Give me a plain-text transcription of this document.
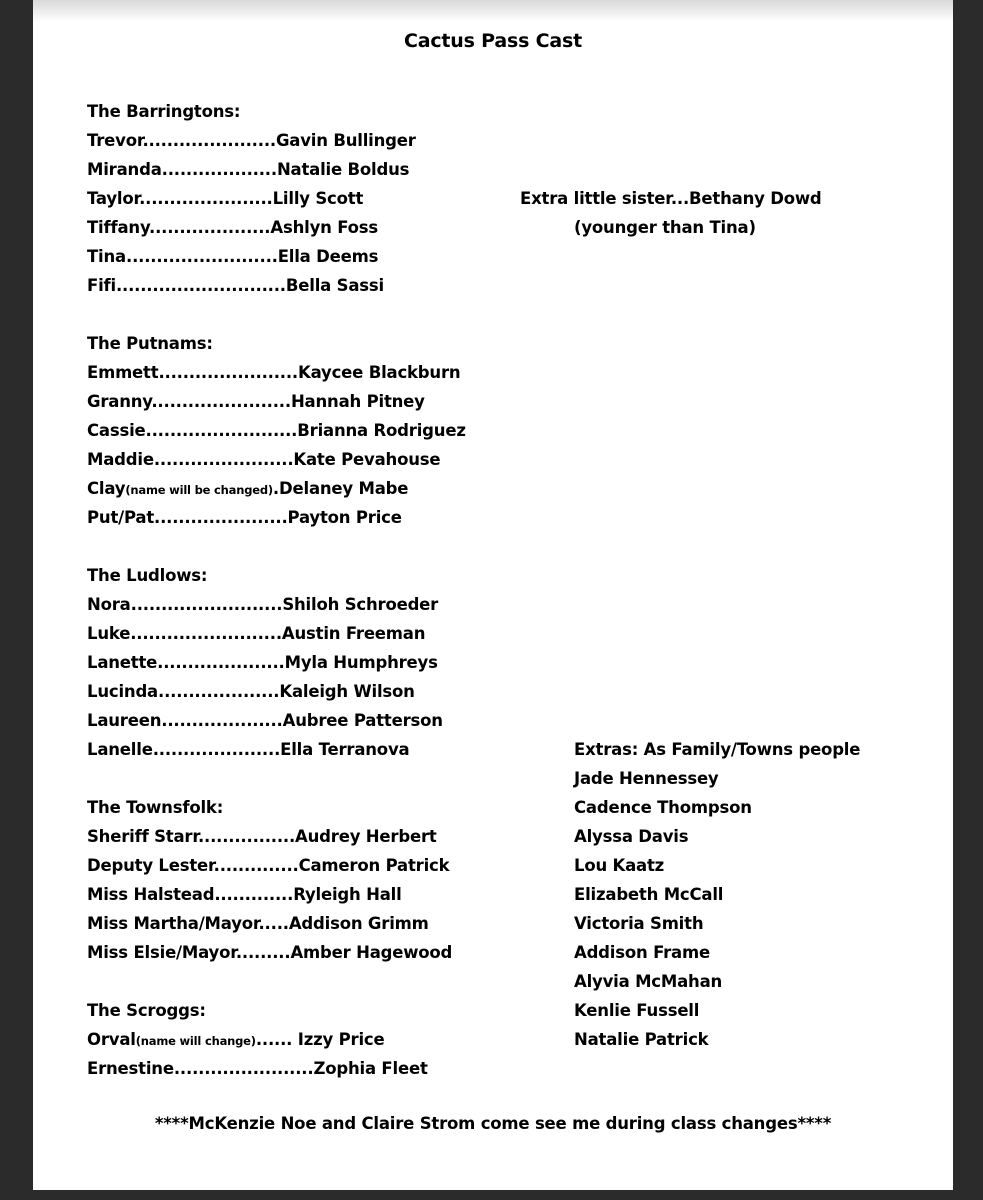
Cactus Pass Cast
The Barringtons:
Trevor......................Gavin Bullinger
Miranda...................Natalie Boldus
Taylor......................Lilly Scott
Tiffany....................Ashlyn Foss
Tina.........................Ella Deems
Fifi............................Bella Sassi
Extra little sister...Bethany Dowd
(younger than Tina)
The Putnams:
Emmett.......................Kaycee Blackburn
Granny.......................Hannah Pitney
Cassie.........................Brianna Rodriguez
Maddie.......................Kate Pevahouse
Clay(name will be changed).Delaney Mabe
Put/Pat......................Payton Price
The Ludlows:
Nora.........................Shiloh Schroeder
Luke.........................Austin Freeman
Lanette.....................Myla Humphreys
Lucinda....................Kaleigh Wilson
Laureen....................Aubree Patterson
Lanelle.....................Ella Terranova
The Townsfolk:
Sheriff Starr................Audrey Herbert
Deputy Lester..............Cameron Patrick
Miss Halstead.............Ryleigh Hall
Miss Martha/Mayor.....Addison Grimm
Miss Elsie/Mayor.........Amber Hagewood
The Scroggs:
Orval(name will change)...... Izzy Price
Ernestine.......................Zophia Fleet
Extras: As Family/Towns people
Jade Hennessey
Cadence Thompson
Alyssa Davis
Lou Kaatz
Elizabeth McCall
Victoria Smith
Addison Frame
Alyvia McMahan
Kenlie Fussell
Natalie Patrick
****McKenzie Noe and Claire Strom come see me during class changes****
